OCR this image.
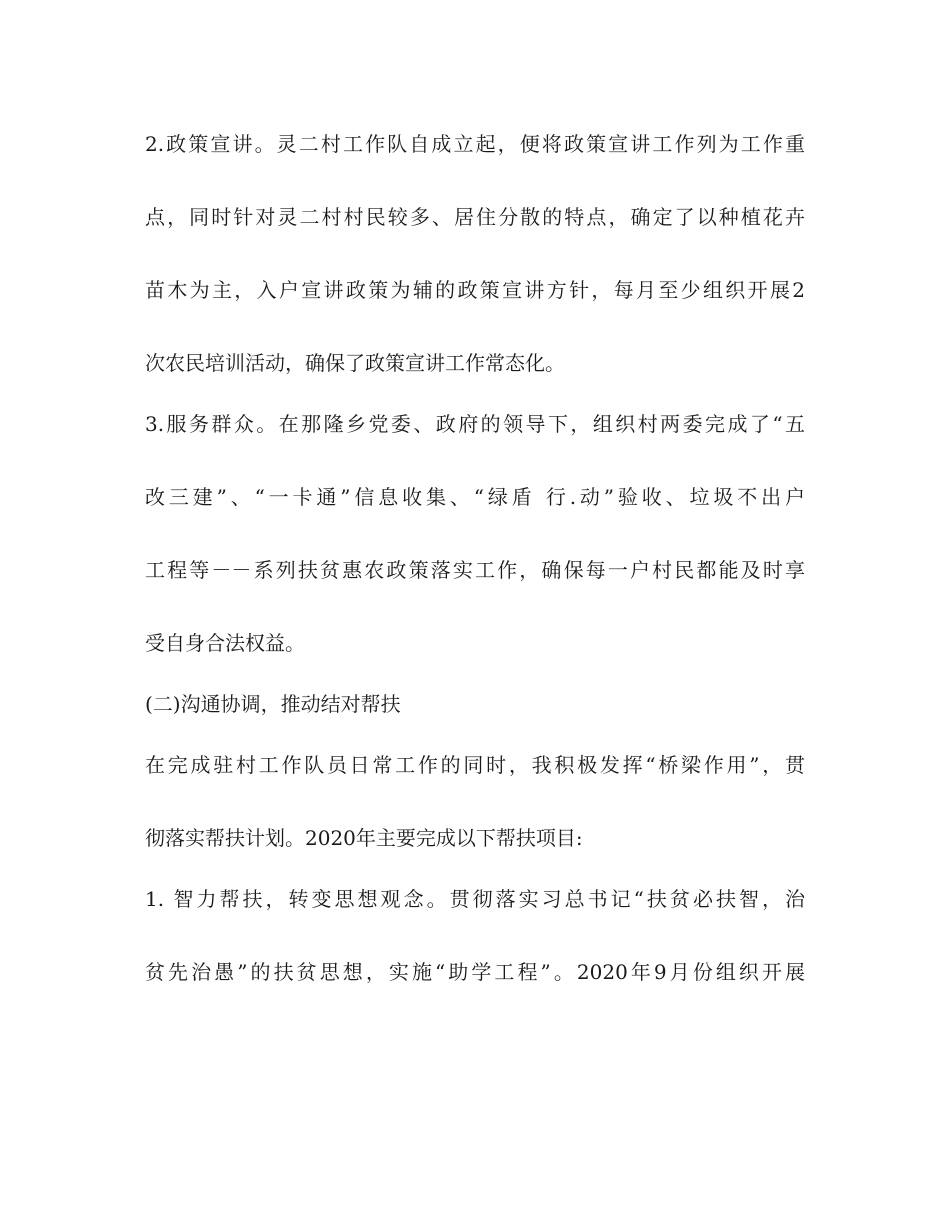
2.政策宣讲。灵二村工作队自成立起，便将政策宣讲工作列为工作重

点，同时针对灵二村村民较多、居住分散的特点，确定了以种植花卉

苗木为主，入户宣讲政策为辅的政策宣讲方针，每月至少组织开展2

次农民培训活动，确保了政策宣讲工作常态化。

3.服务群众。在那隆乡党委、政府的领导下，组织村两委完成了“五

改三建”、“一卡通”信息收集、“绿盾 行.动”验收、垃圾不出户

工程等－－系列扶贫惠农政策落实工作，确保每一户村民都能及时享

受自身合法权益。

(二)沟通协调，推动结对帮扶

在完成驻村工作队员日常工作的同时，我积极发挥“桥梁作用”，贯

彻落实帮扶计划。2020年主要完成以下帮扶项目:

1. 智力帮扶，转变思想观念。贯彻落实习总书记“扶贫必扶智，治

贫先治愚”的扶贫思想，实施“助学工程”。2020年9月份组织开展
